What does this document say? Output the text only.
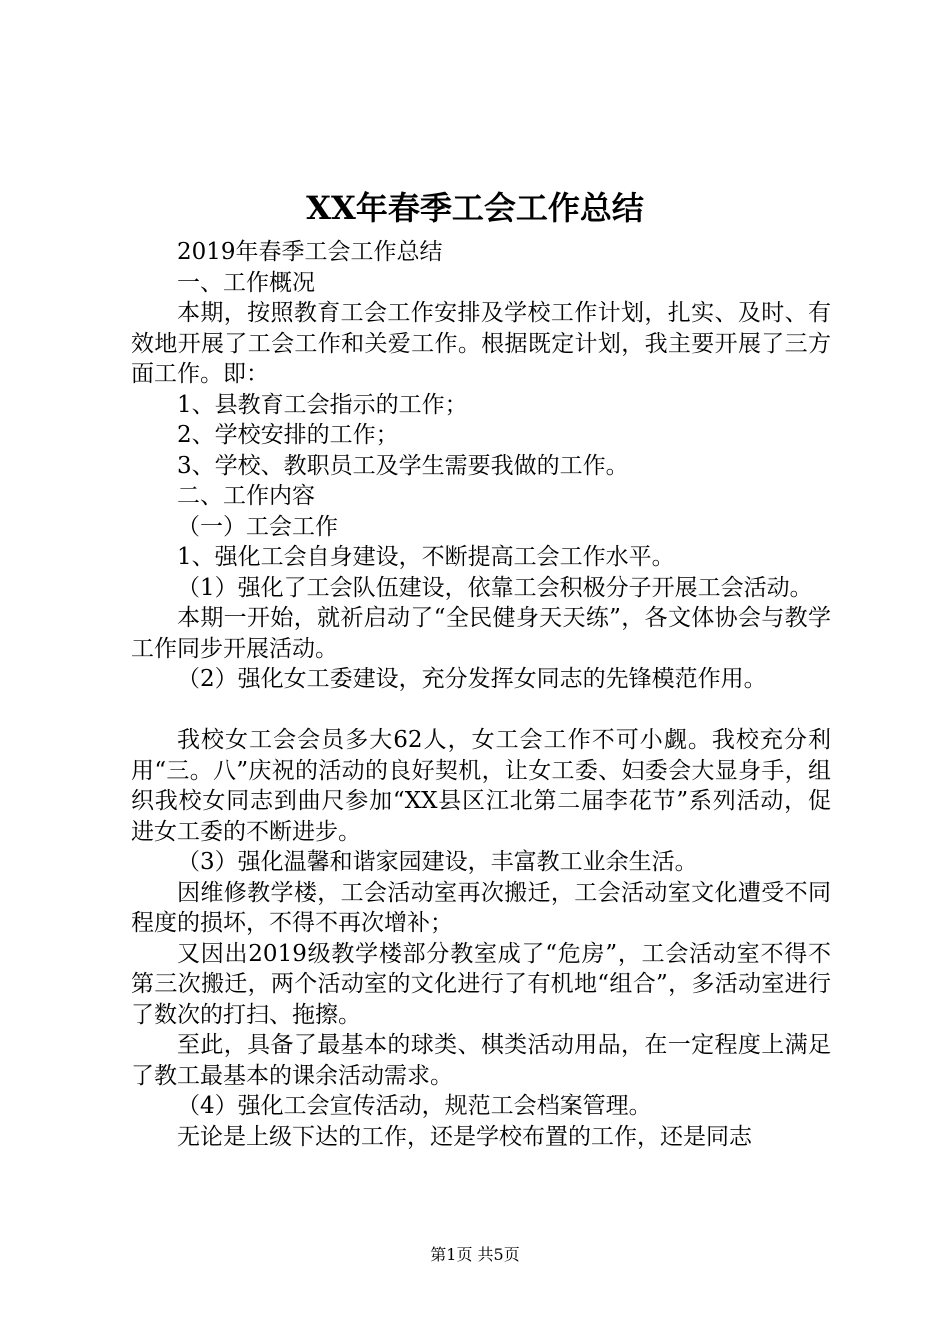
XX年春季工会工作总结

2019年春季工会工作总结

一、工作概况

本期，按照教育工会工作安排及学校工作计划，扎实、及时、有效地开展了工会工作和关爱工作。根据既定计划，我主要开展了三方面工作。即：

1、县教育工会指示的工作；

2、学校安排的工作；

3、学校、教职员工及学生需要我做的工作。

二、工作内容

（一）工会工作

1、强化工会自身建设，不断提高工会工作水平。

（1）强化了工会队伍建设，依靠工会积极分子开展工会活动。

本期一开始，就祈启动了“全民健身天天练”，各文体协会与教学工作同步开展活动。

（2）强化女工委建设，充分发挥女同志的先锋模范作用。

我校女工会会员多大62人，女工会工作不可小觑。我校充分利用“三。八”庆祝的活动的良好契机，让女工委、妇委会大显身手，组织我校女同志到曲尺参加“XX县区江北第二届李花节”系列活动，促进女工委的不断进步。

（3）强化温馨和谐家园建设，丰富教工业余生活。

因维修教学楼，工会活动室再次搬迁，工会活动室文化遭受不同程度的损坏，不得不再次增补；

又因出2019级教学楼部分教室成了“危房”，工会活动室不得不第三次搬迁，两个活动室的文化进行了有机地“组合”，多活动室进行了数次的打扫、拖擦。

至此，具备了最基本的球类、棋类活动用品，在一定程度上满足了教工最基本的课余活动需求。

（4）强化工会宣传活动，规范工会档案管理。

无论是上级下达的工作，还是学校布置的工作，还是同志

第1页 共5页
